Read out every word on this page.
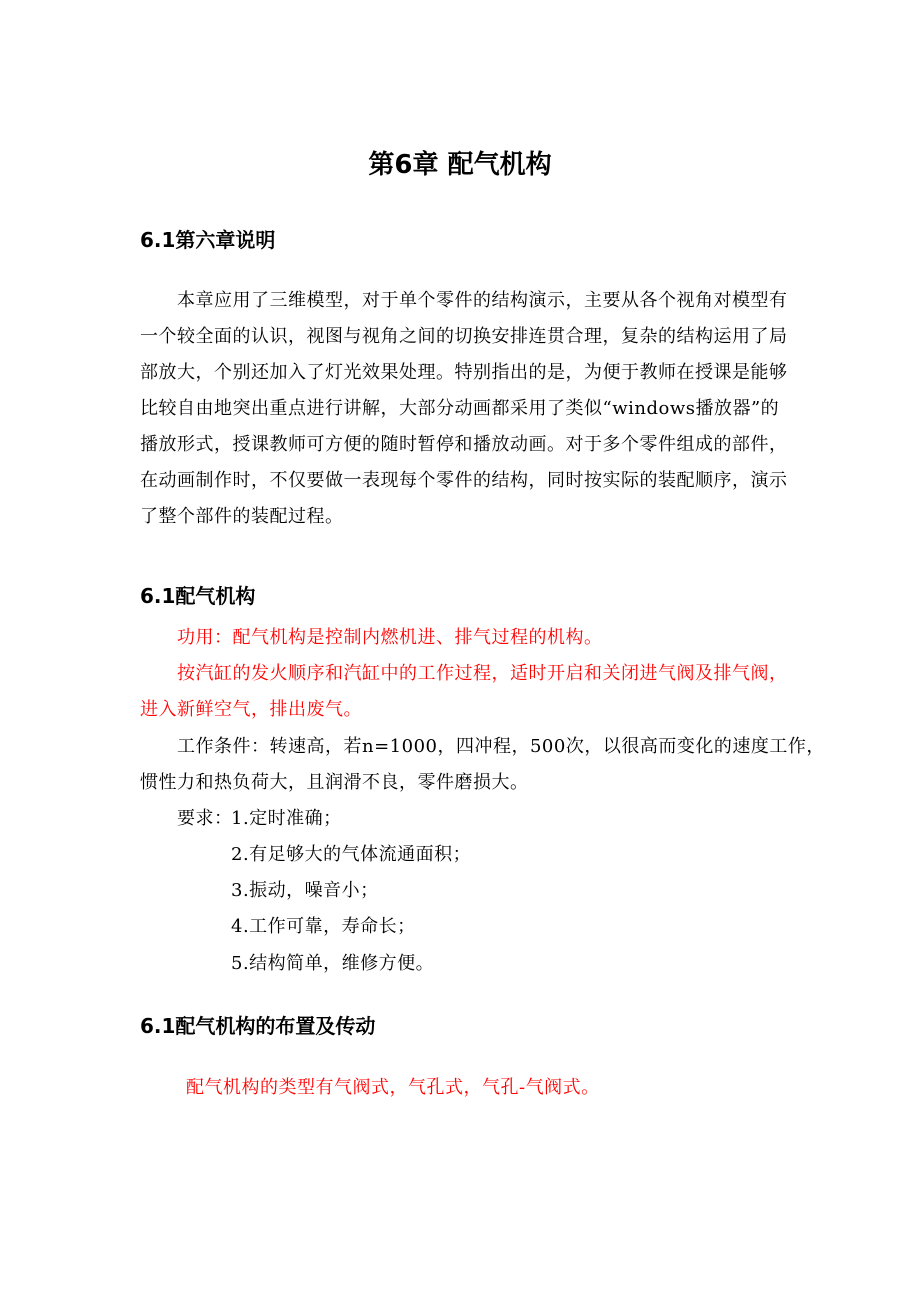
第6章 配气机构
6.1第六章说明
本章应用了三维模型，对于单个零件的结构演示，主要从各个视角对模型有
一个较全面的认识，视图与视角之间的切换安排连贯合理，复杂的结构运用了局
部放大，个别还加入了灯光效果处理。特别指出的是，为便于教师在授课是能够
比较自由地突出重点进行讲解，大部分动画都采用了类似“windows播放器”的
播放形式，授课教师可方便的随时暂停和播放动画。对于多个零件组成的部件，
在动画制作时，不仅要做一表现每个零件的结构，同时按实际的装配顺序，演示
了整个部件的装配过程。
6.1配气机构
功用：配气机构是控制内燃机进、排气过程的机构。
按汽缸的发火顺序和汽缸中的工作过程，适时开启和关闭进气阀及排气阀，
进入新鲜空气，排出废气。
工作条件：转速高，若n=1000，四冲程，500次，以很高而变化的速度工作，
惯性力和热负荷大，且润滑不良，零件磨损大。
要求：
1.定时准确；
2.有足够大的气体流通面积；
3.振动，噪音小；
4.工作可靠，寿命长；
5.结构简单，维修方便。
6.1配气机构的布置及传动
配气机构的类型有气阀式，气孔式，气孔-气阀式。
